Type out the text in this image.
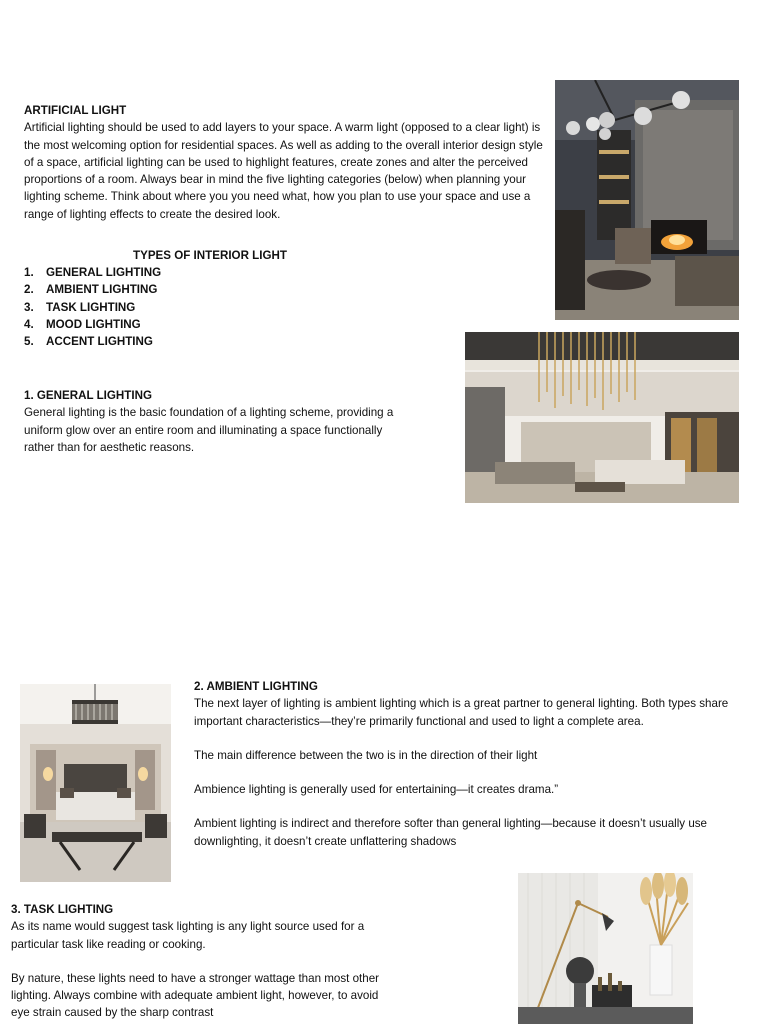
ARTIFICIAL LIGHT

Artificial lighting should be used to add layers to your space. A warm light (opposed to a clear light) is the most welcoming option for residential spaces. As well as adding to the overall interior design style of a space, artificial lighting can be used to highlight features, create zones and alter the perceived proportions of a room. Always bear in mind the five lighting categories (below) when planning your lighting scheme. Think about where you you need what, how you plan to use your space and use a range of lighting effects to create the desired look.

TYPES OF INTERIOR LIGHT
1.	GENERAL LIGHTING
2.	AMBIENT LIGHTING
3.	TASK LIGHTING
4.	MOOD LIGHTING
5.	ACCENT LIGHTING
1. GENERAL LIGHTING

General lighting is the basic foundation of a lighting scheme, providing a uniform glow over an entire room and illuminating a space functionally rather than for aesthetic reasons.

2. AMBIENT LIGHTING

The next layer of lighting is ambient lighting which is a great partner to general lighting. Both types share important characteristics—they’re primarily functional and used to light a complete area.

The main difference between the two is in the direction of their light

Ambience lighting is generally used for entertaining—it creates drama.”

Ambient lighting is indirect and therefore softer than general lighting—because it doesn’t usually use downlighting, it doesn’t create unflattering shadows

3. TASK LIGHTING

As its name would suggest task lighting is any light source used for a particular task like reading or cooking.

By nature, these lights need to have a stronger wattage than most other lighting. Always combine with adequate ambient light, however, to avoid eye strain caused by the sharp contrast
